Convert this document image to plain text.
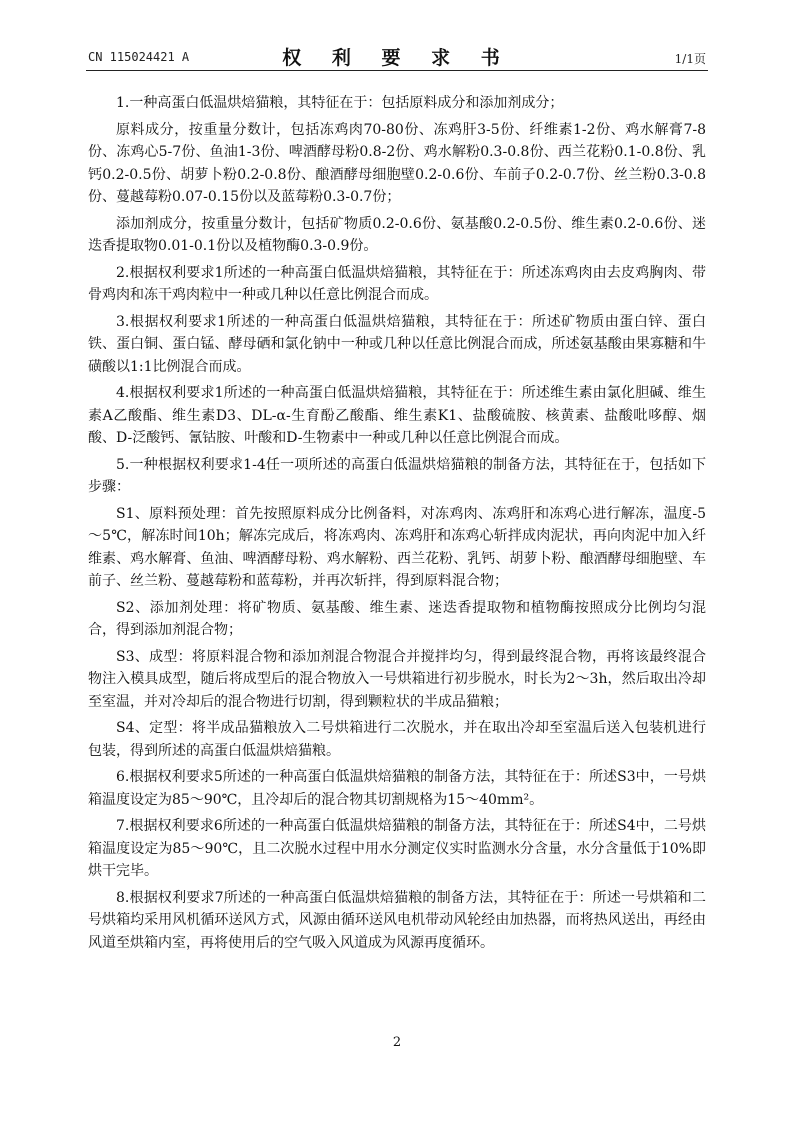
CN 115024421 A	权 利 要 求 书	1/1页

1.一种高蛋白低温烘焙猫粮，其特征在于：包括原料成分和添加剂成分；

原料成分，按重量分数计，包括冻鸡肉70-80份、冻鸡肝3-5份、纤维素1-2份、鸡水解膏7-8份、冻鸡心5-7份、鱼油1-3份、啤酒酵母粉0.8-2份、鸡水解粉0.3-0.8份、西兰花粉0.1-0.8份、乳钙0.2-0.5份、胡萝卜粉0.2-0.8份、酿酒酵母细胞壁0.2-0.6份、车前子0.2-0.7份、丝兰粉0.3-0.8份、蔓越莓粉0.07-0.15份以及蓝莓粉0.3-0.7份；

添加剂成分，按重量分数计，包括矿物质0.2-0.6份、氨基酸0.2-0.5份、维生素0.2-0.6份、迷迭香提取物0.01-0.1份以及植物酶0.3-0.9份。

2.根据权利要求1所述的一种高蛋白低温烘焙猫粮，其特征在于：所述冻鸡肉由去皮鸡胸肉、带骨鸡肉和冻干鸡肉粒中一种或几种以任意比例混合而成。

3.根据权利要求1所述的一种高蛋白低温烘焙猫粮，其特征在于：所述矿物质由蛋白锌、蛋白铁、蛋白铜、蛋白锰、酵母硒和氯化钠中一种或几种以任意比例混合而成，所述氨基酸由果寡糖和牛磺酸以1:1比例混合而成。

4.根据权利要求1所述的一种高蛋白低温烘焙猫粮，其特征在于：所述维生素由氯化胆碱、维生素A乙酸酯、维生素D3、DL-α-生育酚乙酸酯、维生素K1、盐酸硫胺、核黄素、盐酸吡哆醇、烟酸、D-泛酸钙、氰钴胺、叶酸和D-生物素中一种或几种以任意比例混合而成。

5.一种根据权利要求1-4任一项所述的高蛋白低温烘焙猫粮的制备方法，其特征在于，包括如下步骤：

S1、原料预处理：首先按照原料成分比例备料，对冻鸡肉、冻鸡肝和冻鸡心进行解冻，温度-5～5℃，解冻时间10h；解冻完成后，将冻鸡肉、冻鸡肝和冻鸡心斩拌成肉泥状，再向肉泥中加入纤维素、鸡水解膏、鱼油、啤酒酵母粉、鸡水解粉、西兰花粉、乳钙、胡萝卜粉、酿酒酵母细胞壁、车前子、丝兰粉、蔓越莓粉和蓝莓粉，并再次斩拌，得到原料混合物；

S2、添加剂处理：将矿物质、氨基酸、维生素、迷迭香提取物和植物酶按照成分比例均匀混合，得到添加剂混合物；

S3、成型：将原料混合物和添加剂混合物混合并搅拌均匀，得到最终混合物，再将该最终混合物注入模具成型，随后将成型后的混合物放入一号烘箱进行初步脱水，时长为2～3h，然后取出冷却至室温，并对冷却后的混合物进行切割，得到颗粒状的半成品猫粮；

S4、定型：将半成品猫粮放入二号烘箱进行二次脱水，并在取出冷却至室温后送入包装机进行包装，得到所述的高蛋白低温烘焙猫粮。

6.根据权利要求5所述的一种高蛋白低温烘焙猫粮的制备方法，其特征在于：所述S3中，一号烘箱温度设定为85～90℃，且冷却后的混合物其切割规格为15～40mm²。

7.根据权利要求6所述的一种高蛋白低温烘焙猫粮的制备方法，其特征在于：所述S4中，二号烘箱温度设定为85～90℃，且二次脱水过程中用水分测定仪实时监测水分含量，水分含量低于10%即烘干完毕。

8.根据权利要求7所述的一种高蛋白低温烘焙猫粮的制备方法，其特征在于：所述一号烘箱和二号烘箱均采用风机循环送风方式，风源由循环送风电机带动风轮经由加热器，而将热风送出，再经由风道至烘箱内室，再将使用后的空气吸入风道成为风源再度循环。

2
